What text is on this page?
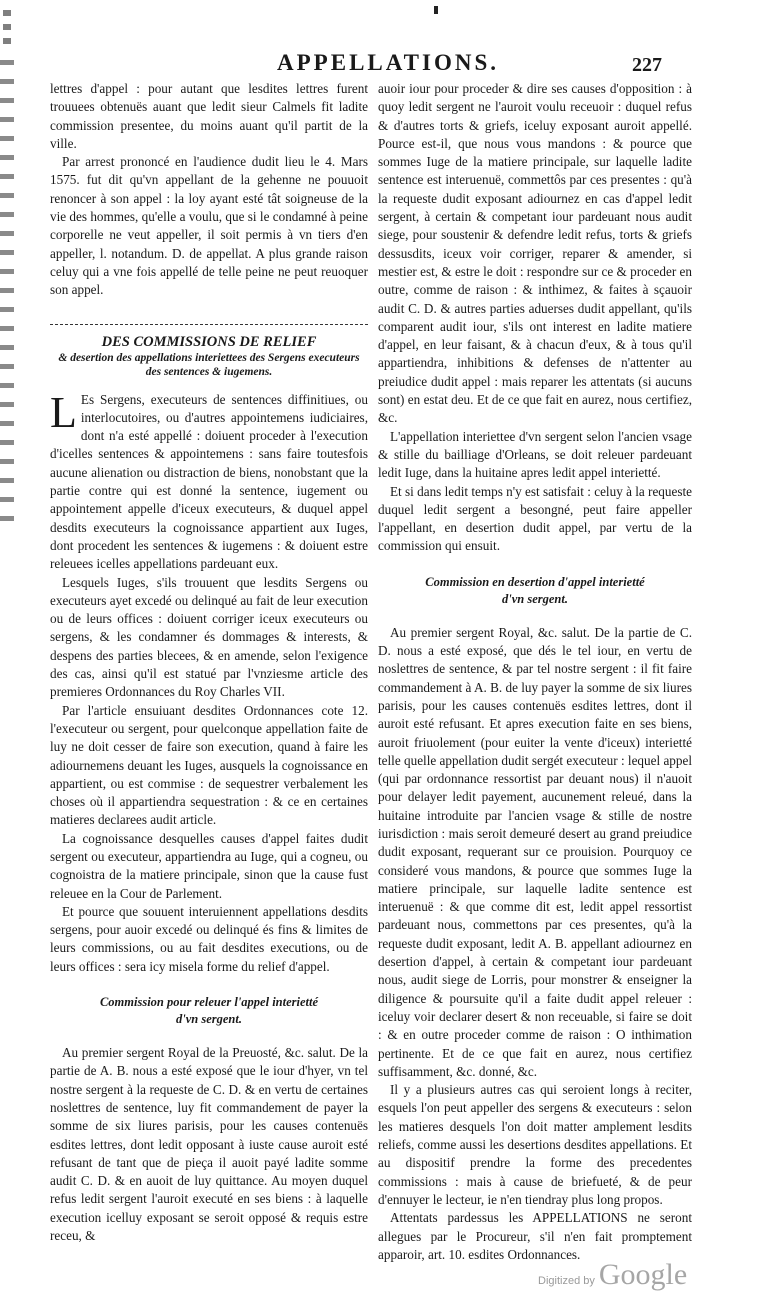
APPELLATIONS.	227

lettres d'appel : pour autant que lesdites lettres furent trouuees obtenuës auant que ledit sieur Calmels fit ladite commission presentee, du moins auant qu'il partit de la ville.

Par arrest prononcé en l'audience dudit lieu le 4. Mars 1575. fut dit qu'vn appellant de la gehenne ne pouuoit renoncer à son appel : la loy ayant esté tât soigneuse de la vie des hommes, qu'elle a voulu, que si le condamné à peine corporelle ne veut appeller, il soit permis à vn tiers d'en appeller, l. notandum. D. de appellat. A plus grande raison celuy qui a vne fois appellé de telle peine ne peut reuoquer son appel.

DES COMMISSIONS DE RELIEF
& desertion des appellations interiettees des Sergens executeurs des sentences & iugemens.
L Es Sergens, executeurs de sentences diffinitiues, ou interlocutoires, ou d'autres appointemens iudiciaires, dont n'a esté appellé : doiuent proceder à l'execution d'icelles sentences & appointemens : sans faire toutesfois aucune alienation ou distraction de biens, nonobstant que la partie contre qui est donné la sentence, iugement ou appointement appelle d'iceux executeurs, & duquel appel desdits executeurs la cognoissance appartient aux Iuges, dont procedent les sentences & iugemens : & doiuent estre releuees icelles appellations pardeuant eux.

Lesquels Iuges, s'ils trouuent que lesdits Sergens ou executeurs ayet excedé ou delinqué au fait de leur execution ou de leurs offices : doiuent corriger iceux executeurs ou sergens, & les condamner és dommages & interests, & despens des parties blecees, & en amende, selon l'exigence des cas, ainsi qu'il est statué par l'vnziesme article des premieres Ordonnances du Roy Charles VII.

Par l'article ensuiuant desdites Ordonnances cote 12. l'executeur ou sergent, pour quelconque appellation faite de luy ne doit cesser de faire son execution, quand à faire les adiournemens deuant les Iuges, ausquels la cognoissance en appartient, ou est commise : de sequestrer verbalement les choses où il appartiendra sequestration : & ce en certaines matieres declarees audit article.

La cognoissance desquelles causes d'appel faites dudit sergent ou executeur, appartiendra au Iuge, qui a cogneu, ou cognoistra de la matiere principale, sinon que la cause fust releuee en la Cour de Parlement.

Et pource que souuent interuiennent appellations desdits sergens, pour auoir excedé ou delinqué és fins & limites de leurs commissions, ou au fait desdites executions, ou de leurs offices : sera icy misela forme du relief d'appel.

Commission pour releuer l'appel interietté
d'vn sergent.

Au premier sergent Royal de la Preuosté, &c. salut. De la partie de A. B. nous a esté exposé que le iour d'hyer, vn tel nostre sergent à la requeste de C. D. & en vertu de certaines noslettres de sentence, luy fit commandement de payer la somme de six liures parisis, pour les causes contenuës esdites lettres, dont ledit opposant à iuste cause auroit esté refusant de tant que de pieça il auoit payé ladite somme audit C. D. & en auoit de luy quittance. Au moyen duquel refus ledit sergent l'auroit executé en ses biens : à laquelle execution icelluy exposant se seroit opposé & requis estre receu, &

auoir iour pour proceder & dire ses causes d'opposition : à quoy ledit sergent ne l'auroit voulu receuoir : duquel refus & d'autres torts & griefs, iceluy exposant auroit appellé. Pource est-il, que nous vous mandons : & pource que sommes Iuge de la matiere principale, sur laquelle ladite sentence est interuenuë, commettôs par ces presentes : qu'à la requeste dudit exposant adiournez en cas d'appel ledit sergent, à certain & competant iour pardeuant nous audit siege, pour soustenir & defendre ledit refus, torts & griefs dessusdits, iceux voir corriger, reparer & amender, si mestier est, & estre le doit : respondre sur ce & proceder en outre, comme de raison : & inthimez, & faites à sçauoir audit C. D. & autres parties aduerses dudit appellant, qu'ils comparent audit iour, s'ils ont interest en ladite matiere d'appel, en leur faisant, & à chacun d'eux, & à tous qu'il appartiendra, inhibitions & defenses de n'attenter au preiudice dudit appel : mais reparer les attentats (si aucuns sont) en estat deu. Et de ce que fait en aurez, nous certifiez, &c.

L'appellation interiettee d'vn sergent selon l'ancien vsage & stille du bailliage d'Orleans, se doit releuer pardeuant ledit Iuge, dans la huitaine apres ledit appel interietté.

Et si dans ledit temps n'y est satisfait : celuy à la requeste duquel ledit sergent a besongné, peut faire appeller l'appellant, en desertion dudit appel, par vertu de la commission qui ensuit.

Commission en desertion d'appel interietté
d'vn sergent.

Au premier sergent Royal, &c. salut. De la partie de C. D. nous a esté exposé, que dés le tel iour, en vertu de noslettres de sentence, & par tel nostre sergent : il fit faire commandement à A. B. de luy payer la somme de six liures parisis, pour les causes contenuës esdites lettres, dont il auroit esté refusant. Et apres execution faite en ses biens, auroit friuolement (pour euiter la vente d'iceux) interietté telle quelle appellation dudit sergét executeur : lequel appel (qui par ordonnance ressortist par deuant nous) il n'auoit pour delayer ledit payement, aucunement releué, dans la huitaine introduite par l'ancien vsage & stille de nostre iurisdiction : mais seroit demeuré desert au grand preiudice dudit exposant, requerant sur ce prouision. Pourquoy ce consideré vous mandons, & pource que sommes Iuge la matiere principale, sur laquelle ladite sentence est interuenuë : & que comme dit est, ledit appel ressortist pardeuant nous, commettons par ces presentes, qu'à la requeste dudit exposant, ledit A. B. appellant adiournez en desertion d'appel, à certain & competant iour pardeuant nous, audit siege de Lorris, pour monstrer & enseigner la diligence & poursuite qu'il a faite dudit appel releuer : iceluy voir declarer desert & non receuable, si faire se doit : & en outre proceder comme de raison : O inthimation pertinente. Et de ce que fait en aurez, nous certifiez suffisamment, &c. donné, &c.

Il y a plusieurs autres cas qui seroient longs à reciter, esquels l'on peut appeller des sergens & executeurs : selon les matieres desquels l'on doit matter amplement lesdits reliefs, comme aussi les desertions desdites appellations. Et au dispositif prendre la forme des precedentes commissions : mais à cause de briefueté, & de peur d'ennuyer le lecteur, ie n'en tiendray plus long propos.

Attentats pardessus les APPELLATIONS ne seront allegues par le Procureur, s'il n'en fait promptement apparoir, art. 10. esdites Ordonnances.

Digitized by Google
